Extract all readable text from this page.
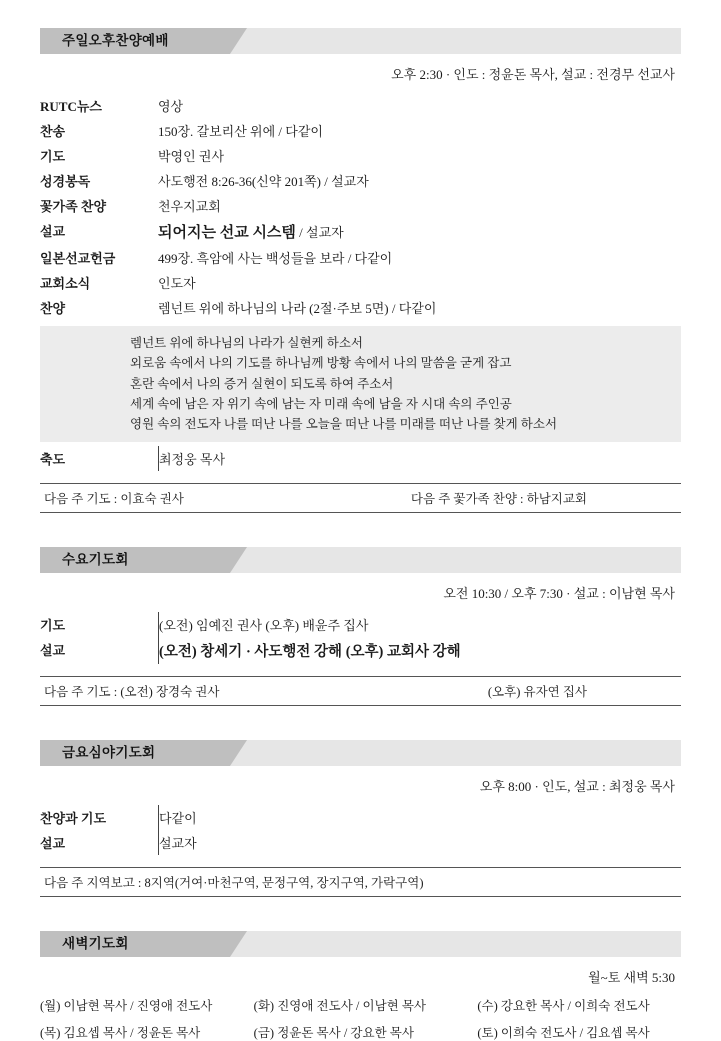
주일오후찬양예배
오후 2:30 · 인도 : 정윤돈 목사, 설교 : 전경무 선교사
RUTC뉴스	영상
찬송	150장. 갈보리산 위에 / 다같이
기도	박영인 권사
성경봉독	사도행전 8:26-36(신약 201쪽) / 설교자
꽃가족 찬양	천우지교회
설교	되어지는 선교 시스템 / 설교자
일본선교헌금	499장. 흑암에 사는 백성들을 보라 / 다같이
교회소식	인도자
찬양	렘넌트 위에 하나님의 나라 (2절·주보 5면) / 다같이
렘넌트 위에 하나님의 나라가 실현케 하소서
외로움 속에서 나의 기도를 하나님께 방황 속에서 나의 말씀을 굳게 잡고
혼란 속에서 나의 증거 실현이 되도록 하여 주소서
세계 속에 남은 자 위기 속에 남는 자 미래 속에 남을 자 시대 속의 주인공
영원 속의 전도자 나를 떠난 나를 오늘을 떠난 나를 미래를 떠난 나를 찾게 하소서
축도	최정웅 목사
다음 주 기도 : 이효숙 권사	다음 주 꽃가족 찬양 : 하남지교회
수요기도회
오전 10:30 / 오후 7:30 · 설교 : 이남현 목사
기도	(오전) 임예진 권사 (오후) 배윤주 집사
설교	(오전) 창세기 · 사도행전 강해 (오후) 교회사 강해
다음 주 기도 : (오전) 장경숙 권사	(오후) 유자연 집사
금요심야기도회
오후 8:00 · 인도, 설교 : 최정웅 목사
찬양과 기도	다같이
설교	설교자
다음 주 지역보고 : 8지역(거여·마천구역, 문정구역, 장지구역, 가락구역)
새벽기도회
월~토 새벽 5:30
(월) 이남현 목사 / 진영애 전도사	(화) 진영애 전도사 / 이남현 목사	(수) 강요한 목사 / 이희숙 전도사
(목) 김요셉 목사 / 정윤돈 목사	(금) 정윤돈 목사 / 강요한 목사	(토) 이희숙 전도사 / 김요셉 목사
